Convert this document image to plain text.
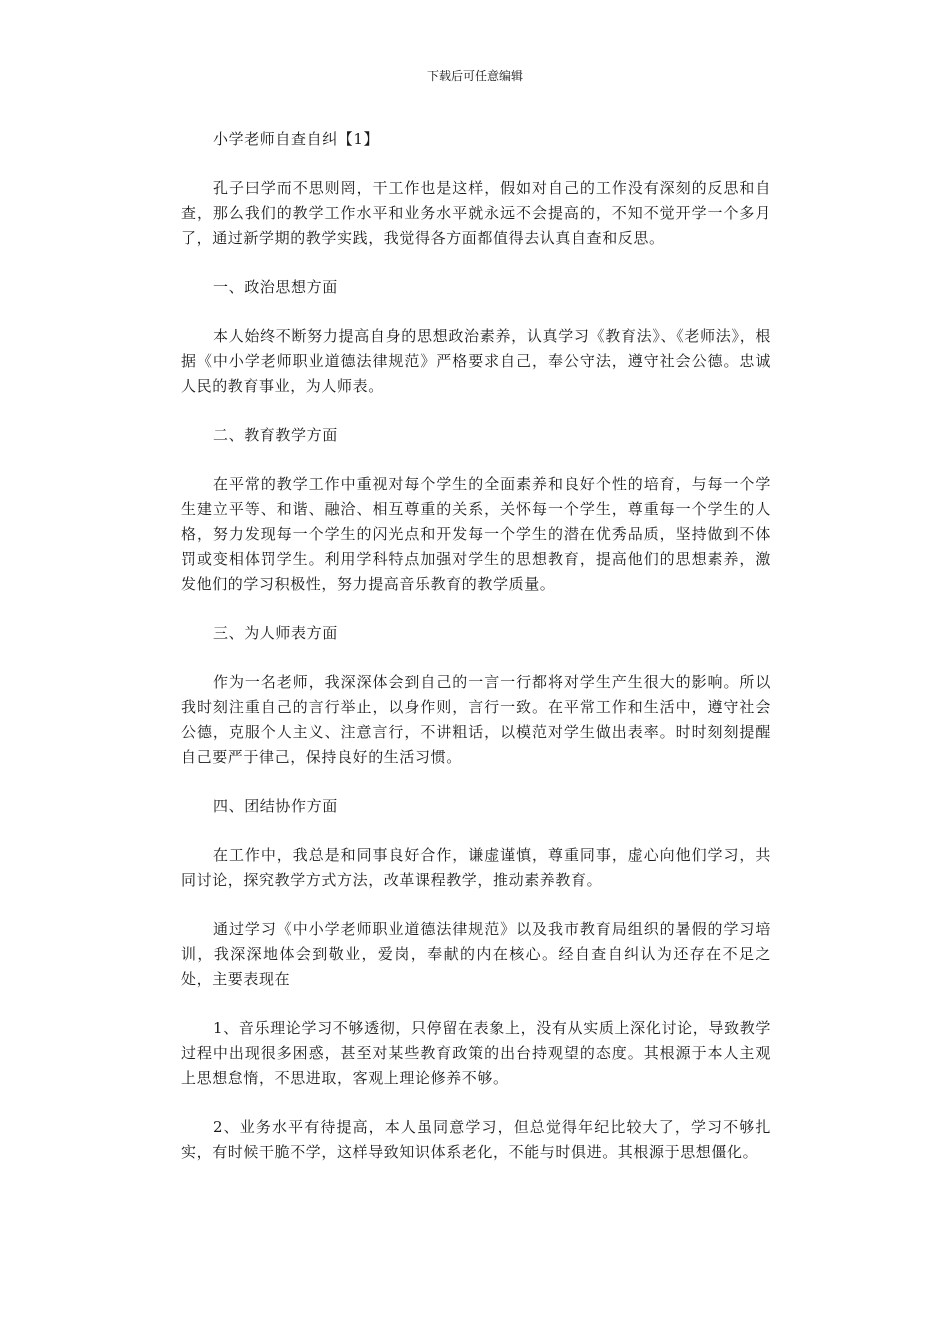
下载后可任意编辑

小学老师自查自纠【1】

孔子曰学而不思则罔，干工作也是这样，假如对自己的工作没有深刻的反思和自查，那么我们的教学工作水平和业务水平就永远不会提高的，不知不觉开学一个多月了，通过新学期的教学实践，我觉得各方面都值得去认真自查和反思。

一、政治思想方面

本人始终不断努力提高自身的思想政治素养，认真学习《教育法》、《老师法》，根据《中小学老师职业道德法律规范》严格要求自己，奉公守法，遵守社会公德。忠诚人民的教育事业，为人师表。

二、教育教学方面

在平常的教学工作中重视对每个学生的全面素养和良好个性的培育，与每一个学生建立平等、和谐、融洽、相互尊重的关系，关怀每一个学生，尊重每一个学生的人格，努力发现每一个学生的闪光点和开发每一个学生的潜在优秀品质，坚持做到不体罚或变相体罚学生。利用学科特点加强对学生的思想教育，提高他们的思想素养，激发他们的学习积极性，努力提高音乐教育的教学质量。

三、为人师表方面

作为一名老师，我深深体会到自己的一言一行都将对学生产生很大的影响。所以我时刻注重自己的言行举止，以身作则，言行一致。在平常工作和生活中，遵守社会公德，克服个人主义、注意言行，不讲粗话，以模范对学生做出表率。时时刻刻提醒自己要严于律己，保持良好的生活习惯。

四、团结协作方面

在工作中，我总是和同事良好合作，谦虚谨慎，尊重同事，虚心向他们学习，共同讨论，探究教学方式方法，改革课程教学，推动素养教育。

通过学习《中小学老师职业道德法律规范》以及我市教育局组织的暑假的学习培训，我深深地体会到敬业，爱岗，奉献的内在核心。经自查自纠认为还存在不足之处，主要表现在

1、音乐理论学习不够透彻，只停留在表象上，没有从实质上深化讨论，导致教学过程中出现很多困惑，甚至对某些教育政策的出台持观望的态度。其根源于本人主观上思想怠惰，不思进取，客观上理论修养不够。

2、业务水平有待提高，本人虽同意学习，但总觉得年纪比较大了，学习不够扎实，有时候干脆不学，这样导致知识体系老化，不能与时俱进。其根源于思想僵化。
